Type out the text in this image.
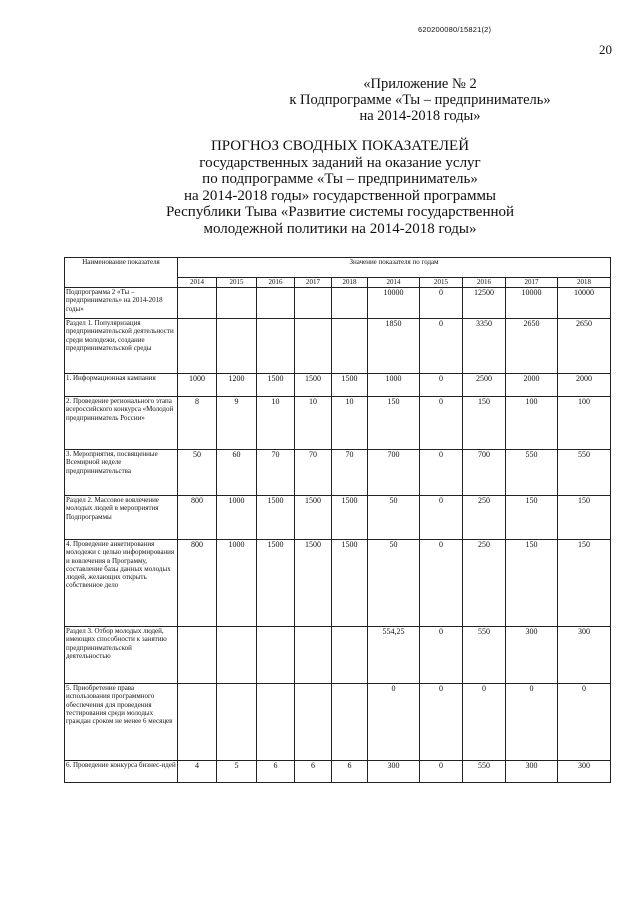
620200080/15821(2)
20
«Приложение № 2
к Подпрограмме «Ты – предприниматель»
на 2014-2018 годы»
ПРОГНОЗ СВОДНЫХ ПОКАЗАТЕЛЕЙ
государственных заданий на оказание услуг
по подпрограмме «Ты – предприниматель»
на 2014-2018 годы» государственной программы
Республики Тыва «Развитие системы государственной
молодежной политики на 2014-2018 годы»
Наименование показателя	Значение показателя по годам									
	2014	2015	2016	2017	2018	2014	2015	2016	2017	2018
Подпрограмма 2 «Ты – предприниматель» на 2014-2018 годы»						10000	0	12500	10000	10000
Раздел 1. Популяризация предпринимательской деятельности среди молодежи, создание предпринимательской среды						1850	0	3350	2650	2650
1. Информационная кампания	1000	1200	1500	1500	1500	1000	0	2500	2000	2000
2. Проведение регионального этапа всероссийского конкурса «Молодой предприниматель России»	8	9	10	10	10	150	0	150	100	100
3. Мероприятия, посвященные Всемирной неделе предпринимательства	50	60	70	70	70	700	0	700	550	550
Раздел 2. Массовое вовлечение молодых людей в мероприятия Подпрограммы	800	1000	1500	1500	1500	50	0	250	150	150
4. Проведение анкетирования молодежи с целью информирования и вовлечения в Программу, составление базы данных молодых людей, желающих открыть собственное дело	800	1000	1500	1500	1500	50	0	250	150	150
Раздел 3. Отбор молодых людей, имеющих способности к занятию предпринимательской деятельностью						554,25	0	550	300	300
5. Приобретение права использования программного обеспечения для проведения тестирования среди молодых граждан сроком не менее 6 месяцев						0	0	0	0	0
6. Проведение конкурса бизнес-идей	4	5	6	6	6	300	0	550	300	300
